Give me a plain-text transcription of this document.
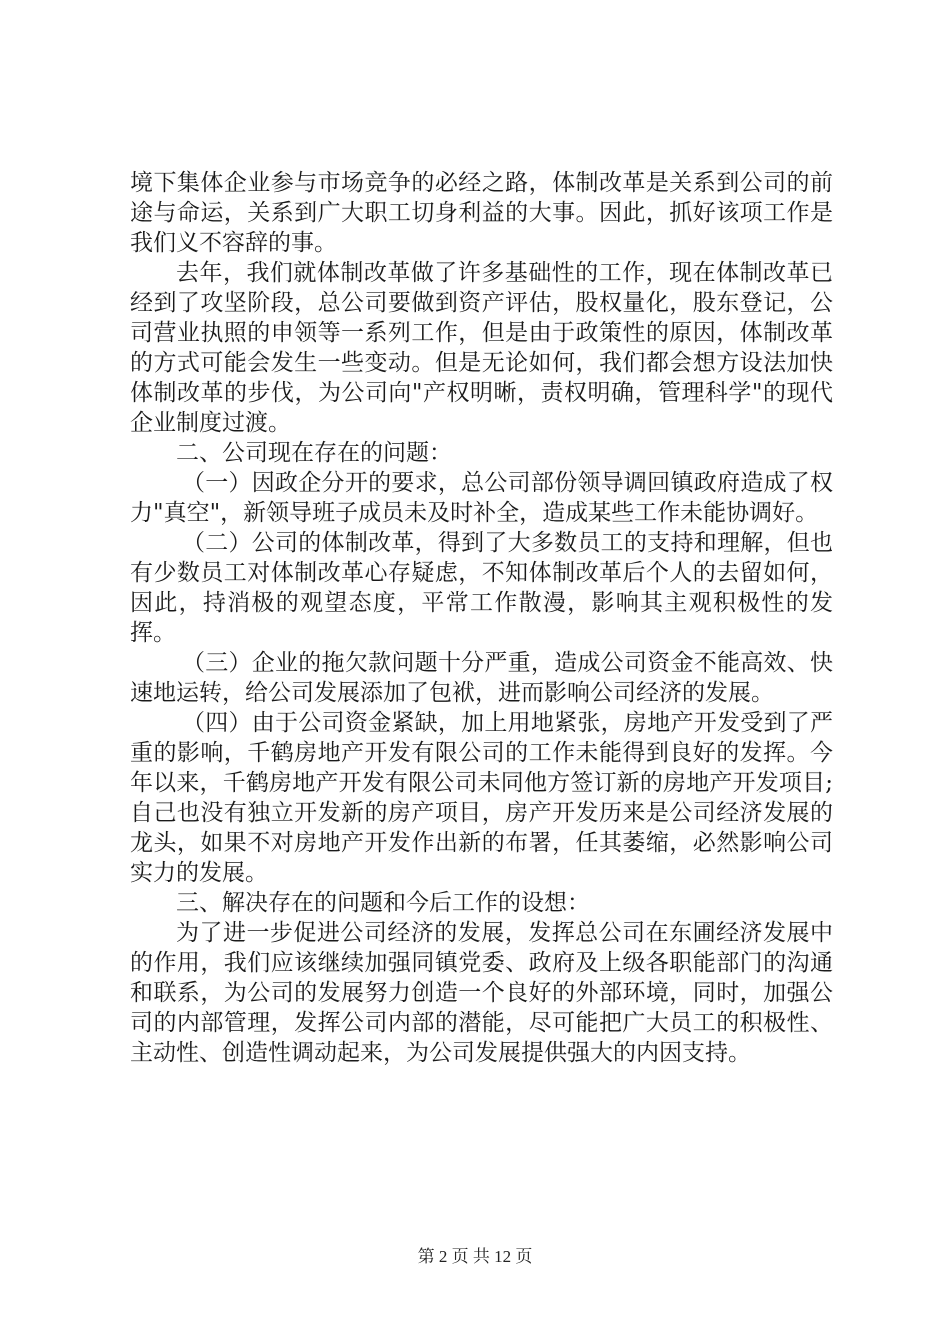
境下集体企业参与市场竞争的必经之路，体制改革是关系到公司的前途与命运，关系到广大职工切身利益的大事。因此，抓好该项工作是我们义不容辞的事。

去年，我们就体制改革做了许多基础性的工作，现在体制改革已经到了攻坚阶段，总公司要做到资产评估，股权量化，股东登记，公司营业执照的申领等一系列工作，但是由于政策性的原因，体制改革的方式可能会发生一些变动。但是无论如何，我们都会想方设法加快体制改革的步伐，为公司向"产权明晰，责权明确，管理科学"的现代企业制度过渡。

二、公司现在存在的问题：

（一）因政企分开的要求，总公司部份领导调回镇政府造成了权力"真空"，新领导班子成员未及时补全，造成某些工作未能协调好。

（二）公司的体制改革，得到了大多数员工的支持和理解，但也有少数员工对体制改革心存疑虑，不知体制改革后个人的去留如何，因此，持消极的观望态度，平常工作散漫，影响其主观积极性的发挥。

（三）企业的拖欠款问题十分严重，造成公司资金不能高效、快速地运转，给公司发展添加了包袱，进而影响公司经济的发展。

（四）由于公司资金紧缺，加上用地紧张，房地产开发受到了严重的影响，千鹤房地产开发有限公司的工作未能得到良好的发挥。今年以来，千鹤房地产开发有限公司未同他方签订新的房地产开发项目;自己也没有独立开发新的房产项目，房产开发历来是公司经济发展的龙头，如果不对房地产开发作出新的布署，任其萎缩，必然影响公司实力的发展。

三、解决存在的问题和今后工作的设想：

为了进一步促进公司经济的发展，发挥总公司在东圃经济发展中的作用，我们应该继续加强同镇党委、政府及上级各职能部门的沟通和联系，为公司的发展努力创造一个良好的外部环境，同时，加强公司的内部管理，发挥公司内部的潜能，尽可能把广大员工的积极性、主动性、创造性调动起来，为公司发展提供强大的内因支持。

第 2 页 共 12 页
